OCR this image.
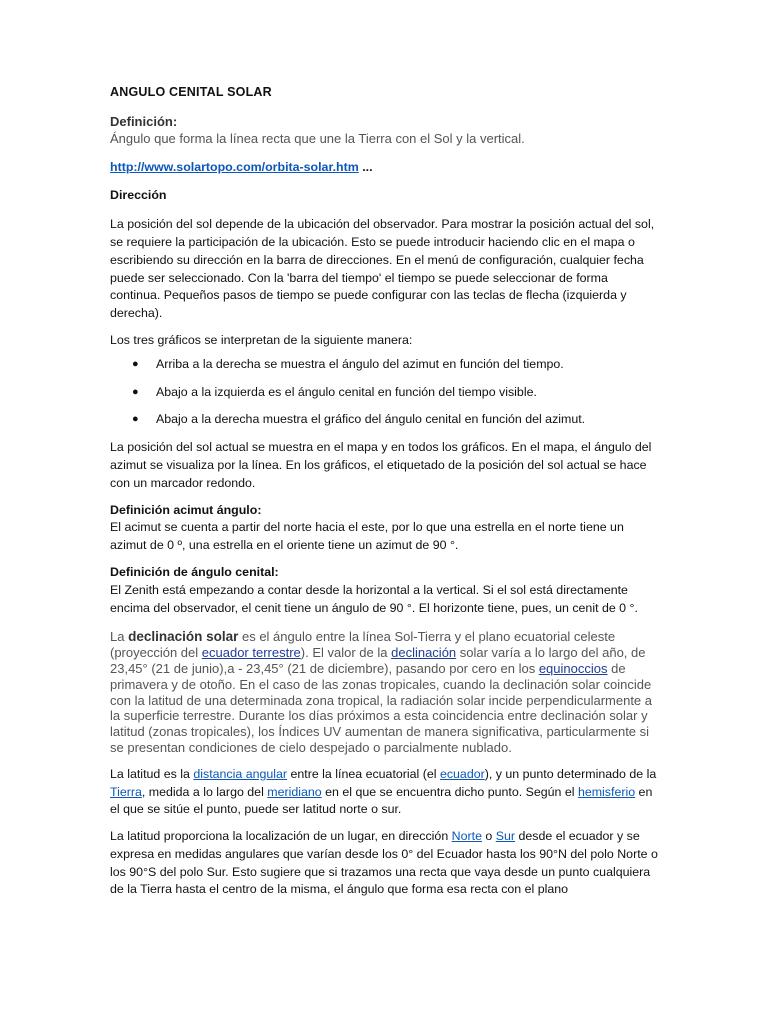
ANGULO CENITAL SOLAR
Definición:
Ángulo que forma la línea recta que une la Tierra con el Sol y la vertical.
http://www.solartopo.com/orbita-solar.htm ...
Dirección
La posición del sol depende de la ubicación del observador. Para mostrar la posición actual del sol, se requiere la participación de la ubicación. Esto se puede introducir haciendo clic en el mapa o escribiendo su dirección en la barra de direcciones. En el menú de configuración, cualquier fecha puede ser seleccionado. Con la 'barra del tiempo' el tiempo se puede seleccionar de forma continua. Pequeños pasos de tiempo se puede configurar con las teclas de flecha (izquierda y derecha).
Los tres gráficos se interpretan de la siguiente manera:
● Arriba a la derecha se muestra el ángulo del azimut en función del tiempo.
● Abajo a la izquierda es el ángulo cenital en función del tiempo visible.
● Abajo a la derecha muestra el gráfico del ángulo cenital en función del azimut.
La posición del sol actual se muestra en el mapa y en todos los gráficos. En el mapa, el ángulo del azimut se visualiza por la línea. En los gráficos, el etiquetado de la posición del sol actual se hace con un marcador redondo.
Definición acimut ángulo:
El acimut se cuenta a partir del norte hacia el este, por lo que una estrella en el norte tiene un azimut de 0 º, una estrella en el oriente tiene un azimut de 90 °.
Definición de ángulo cenital:
El Zenith está empezando a contar desde la horizontal a la vertical. Si el sol está directamente encima del observador, el cenit tiene un ángulo de 90 °. El horizonte tiene, pues, un cenit de 0 °.
La declinación solar es el ángulo entre la línea Sol-Tierra y el plano ecuatorial celeste (proyección del ecuador terrestre). El valor de la declinación solar varía a lo largo del año, de 23,45° (21 de junio),a - 23,45° (21 de diciembre), pasando por cero en los equinoccios de primavera y de otoño. En el caso de las zonas tropicales, cuando la declinación solar coincide con la latitud de una determinada zona tropical, la radiación solar incide perpendicularmente a la superficie terrestre. Durante los días próximos a esta coincidencia entre declinación solar y latitud (zonas tropicales), los Índices UV aumentan de manera significativa, particularmente si se presentan condiciones de cielo despejado o parcialmente nublado.
La latitud es la distancia angular entre la línea ecuatorial (el ecuador), y un punto determinado de la Tierra, medida a lo largo del meridiano en el que se encuentra dicho punto. Según el hemisferio en el que se sitúe el punto, puede ser latitud norte o sur.
La latitud proporciona la localización de un lugar, en dirección Norte o Sur desde el ecuador y se expresa en medidas angulares que varían desde los 0° del Ecuador hasta los 90°N del polo Norte o los 90°S del polo Sur. Esto sugiere que si trazamos una recta que vaya desde un punto cualquiera de la Tierra hasta el centro de la misma, el ángulo que forma esa recta con el plano
